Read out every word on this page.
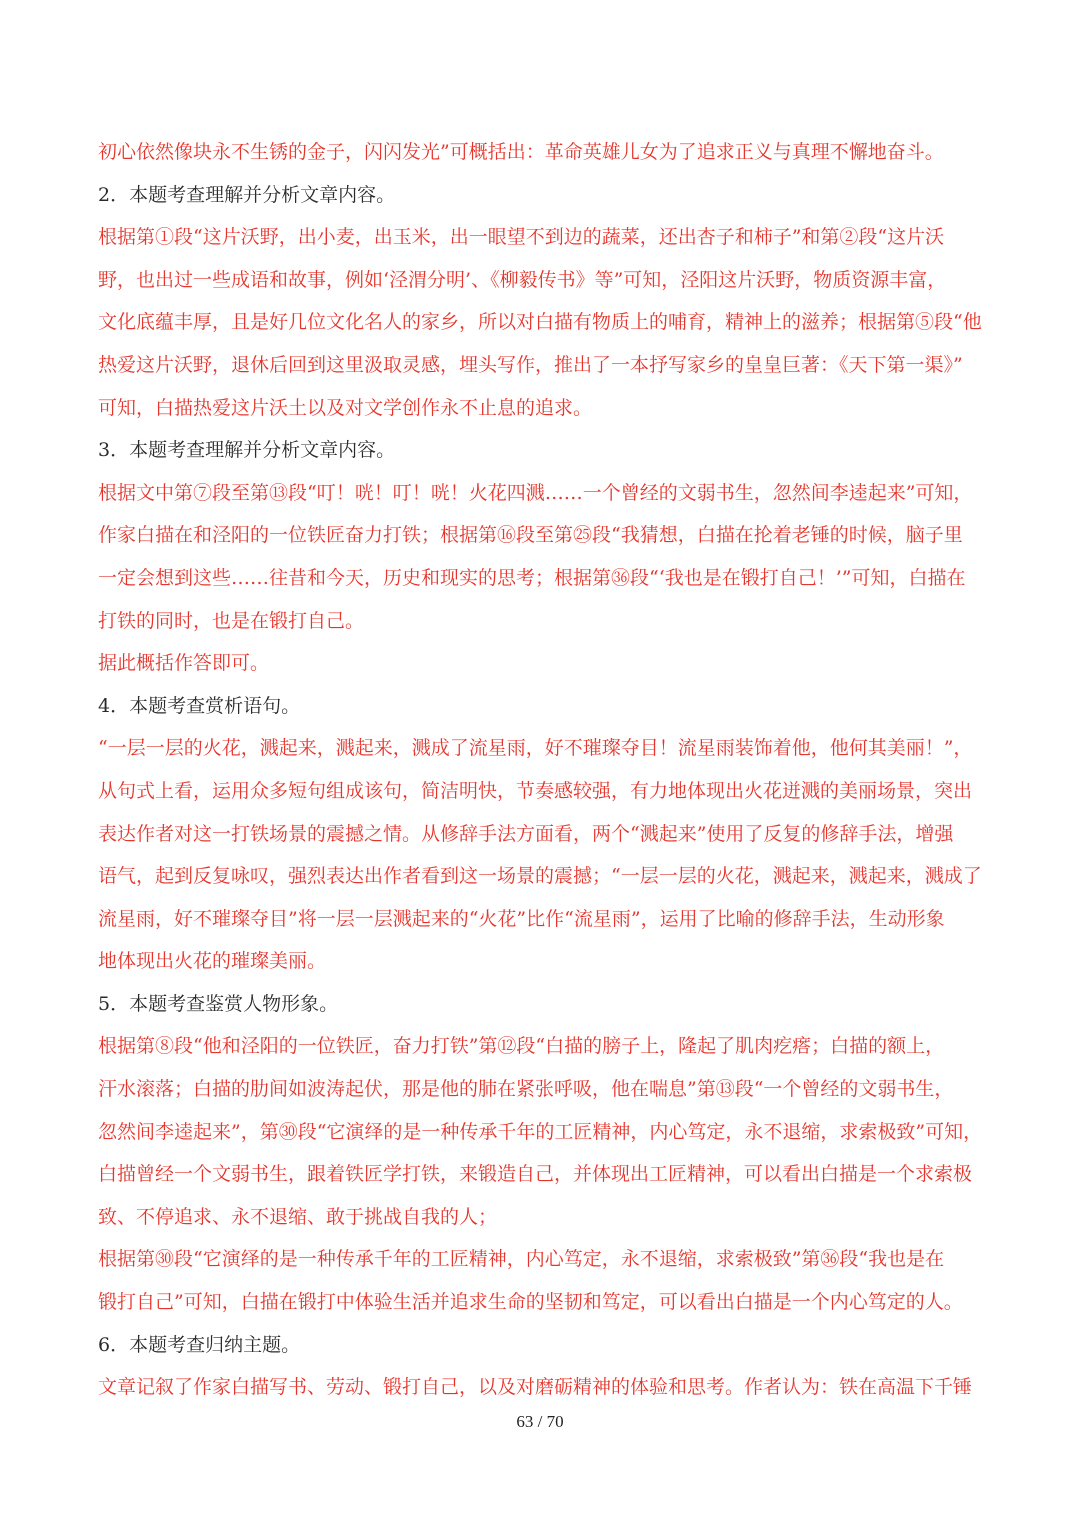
初心依然像块永不生锈的金子，闪闪发光”可概括出：革命英雄儿女为了追求正义与真理不懈地奋斗。
2．本题考查理解并分析文章内容。
根据第①段“这片沃野，出小麦，出玉米，出一眼望不到边的蔬菜，还出杏子和柿子”和第②段“这片沃
野，也出过一些成语和故事，例如‘泾渭分明’、《柳毅传书》等”可知，泾阳这片沃野，物质资源丰富，
文化底蕴丰厚，且是好几位文化名人的家乡，所以对白描有物质上的哺育，精神上的滋养；根据第⑤段“他
热爱这片沃野，退休后回到这里汲取灵感，埋头写作，推出了一本抒写家乡的皇皇巨著：《天下第一渠》”
可知，白描热爱这片沃土以及对文学创作永不止息的追求。
3．本题考查理解并分析文章内容。
根据文中第⑦段至第⑬段“叮！咣！叮！咣！火花四溅……一个曾经的文弱书生，忽然间李逵起来”可知，
作家白描在和泾阳的一位铁匠奋力打铁；根据第⑯段至第㉕段“我猜想，白描在抡着老锤的时候，脑子里
一定会想到这些……往昔和今天，历史和现实的思考；根据第㊱段“‘我也是在锻打自己！’”可知，白描在
打铁的同时，也是在锻打自己。
据此概括作答即可。
4．本题考查赏析语句。
“一层一层的火花，溅起来，溅起来，溅成了流星雨，好不璀璨夺目！流星雨装饰着他，他何其美丽！”，
从句式上看，运用众多短句组成该句，简洁明快，节奏感较强，有力地体现出火花迸溅的美丽场景，突出
表达作者对这一打铁场景的震撼之情。从修辞手法方面看，两个“溅起来”使用了反复的修辞手法，增强
语气，起到反复咏叹，强烈表达出作者看到这一场景的震撼；“一层一层的火花，溅起来，溅起来，溅成了
流星雨，好不璀璨夺目”将一层一层溅起来的“火花”比作“流星雨”，运用了比喻的修辞手法，生动形象
地体现出火花的璀璨美丽。
5．本题考查鉴赏人物形象。
根据第⑧段“他和泾阳的一位铁匠，奋力打铁”第⑫段“白描的膀子上，隆起了肌肉疙瘩；白描的额上，
汗水滚落；白描的肋间如波涛起伏，那是他的肺在紧张呼吸，他在喘息”第⑬段“一个曾经的文弱书生，
忽然间李逵起来”，第㉚段“它演绎的是一种传承千年的工匠精神，内心笃定，永不退缩，求索极致”可知，
白描曾经一个文弱书生，跟着铁匠学打铁，来锻造自己，并体现出工匠精神，可以看出白描是一个求索极
致、不停追求、永不退缩、敢于挑战自我的人；
根据第㉚段“它演绎的是一种传承千年的工匠精神，内心笃定，永不退缩，求索极致”第㊱段“我也是在
锻打自己”可知，白描在锻打中体验生活并追求生命的坚韧和笃定，可以看出白描是一个内心笃定的人。
6．本题考查归纳主题。
文章记叙了作家白描写书、劳动、锻打自己，以及对磨砺精神的体验和思考。作者认为：铁在高温下千锤
63 / 70
